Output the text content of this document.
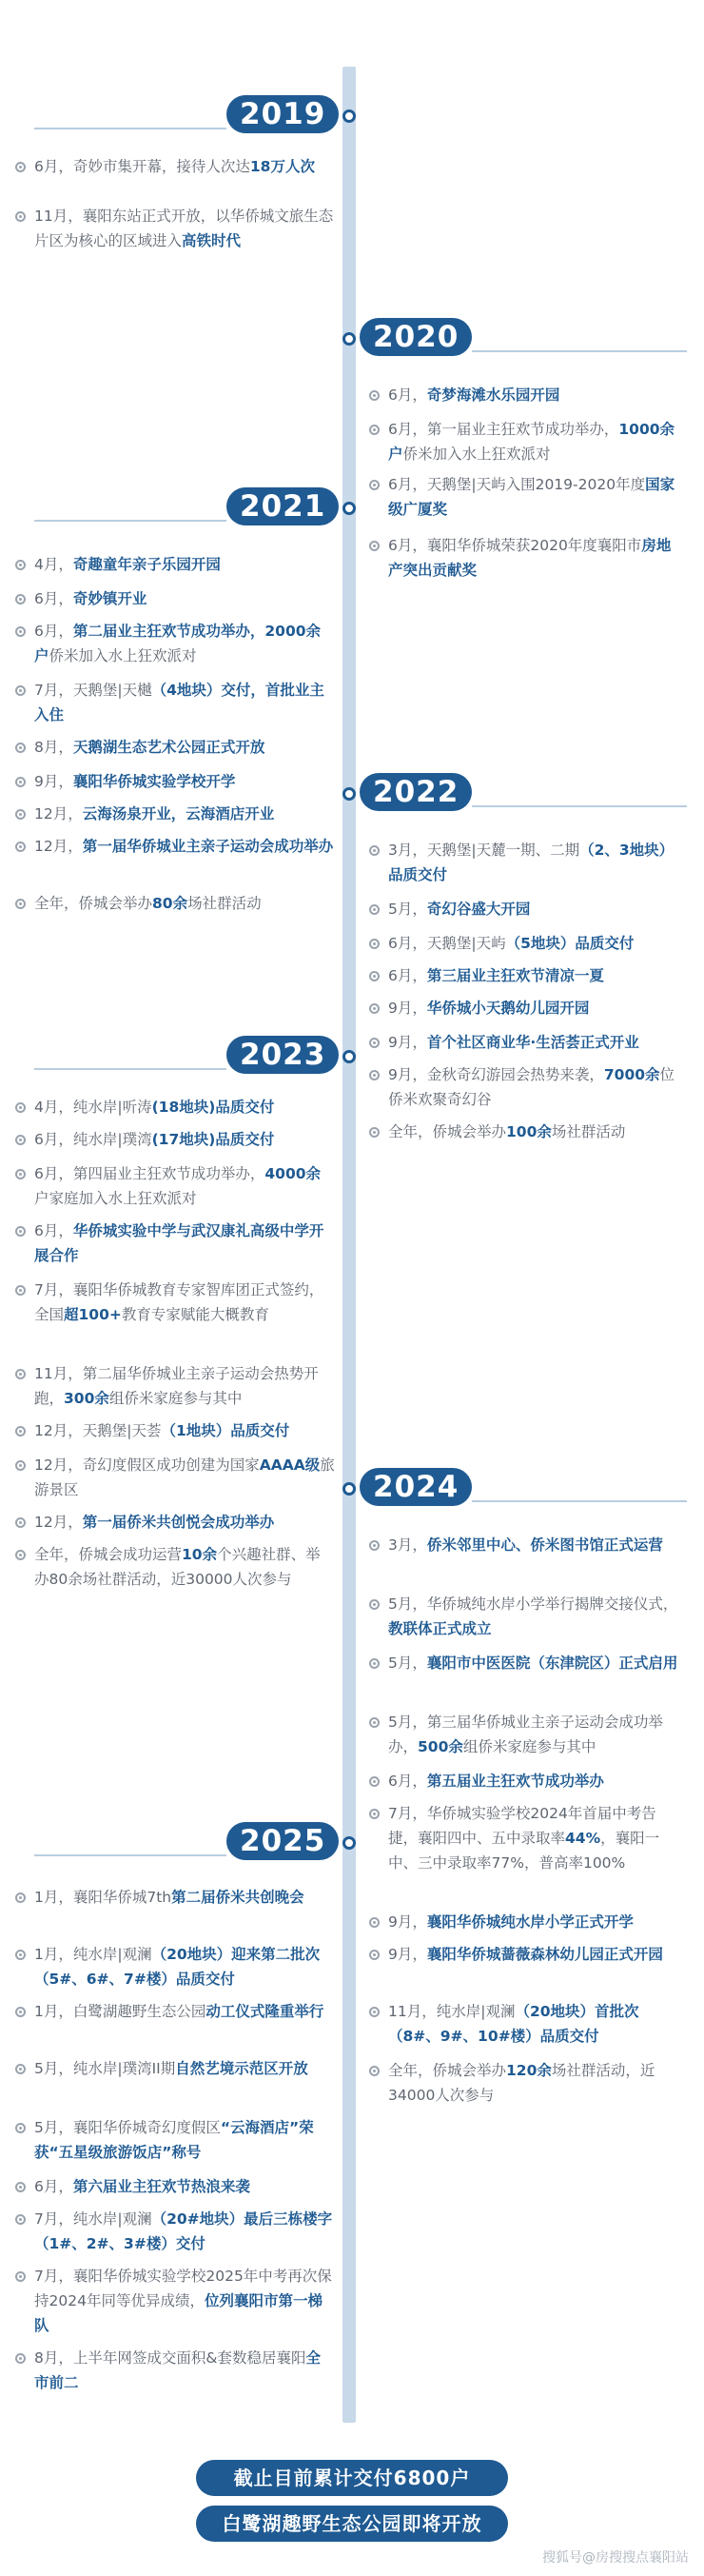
2019
2020
2021
2022
2023
2024
2025
6月，奇妙市集开幕，接待人次达18万人次
11月，襄阳东站正式开放，以华侨城文旅生态片区为核心的区域进入高铁时代
6月，奇梦海滩水乐园开园
6月，第一届业主狂欢节成功举办，1000余户侨米加入水上狂欢派对
6月，天鹅堡|天屿入围2019-2020年度国家级广厦奖
6月，襄阳华侨城荣获2020年度襄阳市房地产突出贡献奖
4月，奇趣童年亲子乐园开园
6月，奇妙镇开业
6月，第二届业主狂欢节成功举办，2000余户侨米加入水上狂欢派对
7月，天鹅堡|天樾（4地块）交付，首批业主入住
8月，天鹅湖生态艺术公园正式开放
9月，襄阳华侨城实验学校开学
12月，云海汤泉开业，云海酒店开业
12月，第一届华侨城业主亲子运动会成功举办
全年，侨城会举办80余场社群活动
3月，天鹅堡|天麓一期、二期（2、3地块）品质交付
5月，奇幻谷盛大开园
6月，天鹅堡|天屿（5地块）品质交付
6月，第三届业主狂欢节清凉一夏
9月，华侨城小天鹅幼儿园开园
9月，首个社区商业华·生活荟正式开业
9月，金秋奇幻游园会热势来袭，7000余位侨米欢聚奇幻谷
全年，侨城会举办100余场社群活动
4月，纯水岸|听涛(18地块)品质交付
6月，纯水岸|璞湾(17地块)品质交付
6月，第四届业主狂欢节成功举办，4000余户家庭加入水上狂欢派对
6月，华侨城实验中学与武汉康礼高级中学开展合作
7月，襄阳华侨城教育专家智库团正式签约，全国超100+教育专家赋能大概教育
11月，第二届华侨城业主亲子运动会热势开跑，300余组侨米家庭参与其中
12月，天鹅堡|天荟（1地块）品质交付
12月，奇幻度假区成功创建为国家AAAA级旅游景区
12月，第一届侨米共创悦会成功举办
全年，侨城会成功运营10余个兴趣社群、举办80余场社群活动，近30000人次参与
3月，侨米邻里中心、侨米图书馆正式运营
5月，华侨城纯水岸小学举行揭牌交接仪式，教联体正式成立
5月，襄阳市中医医院（东津院区）正式启用
5月，第三届华侨城业主亲子运动会成功举办，500余组侨米家庭参与其中
6月，第五届业主狂欢节成功举办
7月，华侨城实验学校2024年首届中考告捷，襄阳四中、五中录取率44%，襄阳一中、三中录取率77%，普高率100%
9月，襄阳华侨城纯水岸小学正式开学
9月，襄阳华侨城蔷薇森林幼儿园正式开园
11月，纯水岸|观澜（20地块）首批次（8#、9#、10#楼）品质交付
全年，侨城会举办120余场社群活动，近34000人次参与
1月，襄阳华侨城7th第二届侨米共创晚会
1月，纯水岸|观澜（20地块）迎来第二批次（5#、6#、7#楼）品质交付
1月，白鹭湖趣野生态公园动工仪式隆重举行
5月，纯水岸|璞湾II期自然艺境示范区开放
5月，襄阳华侨城奇幻度假区“云海酒店”荣获“五星级旅游饭店”称号
6月，第六届业主狂欢节热浪来袭
7月，纯水岸|观澜（20#地块）最后三栋楼字（1#、2#、3#楼）交付
7月，襄阳华侨城实验学校2025年中考再次保持2024年同等优异成绩，位列襄阳市第一梯队
8月，上半年网签成交面积&套数稳居襄阳全市前二
截止目前累计交付6800户
白鹭湖趣野生态公园即将开放
搜狐号@房搜搜点襄阳站
